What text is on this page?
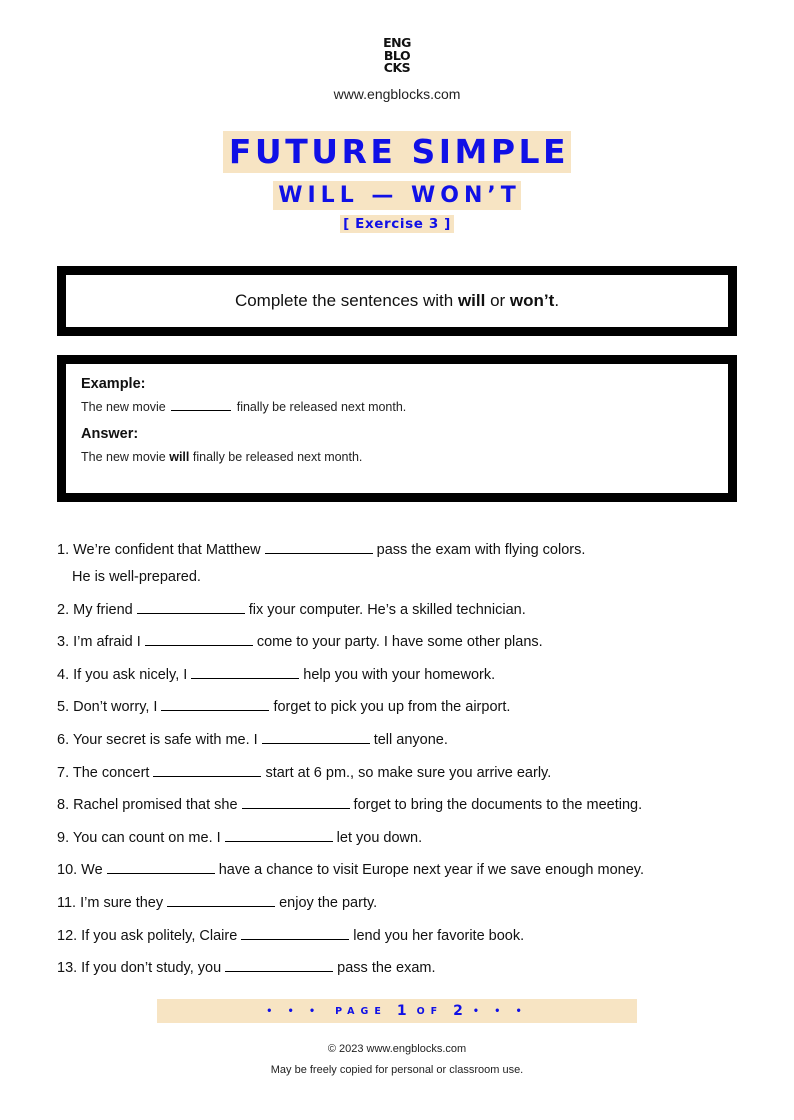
ENG
BLO
CKS
www.engblocks.com
FUTURE SIMPLE
WILL — WON’T
[ Exercise 3 ]
Complete the sentences with will or won’t.
Example:
The new movie	finally be released next month.
Answer:
The new movie will finally be released next month.
1. We’re confident that Matthew	pass the exam with flying colors.
He is well-prepared.
2. My friend	fix your computer. He’s a skilled technician.
3. I’m afraid I	come to your party. I have some other plans.
4. If you ask nicely, I	help you with your homework.
5. Don’t worry, I	forget to pick you up from the airport.
6. Your secret is safe with me. I	tell anyone.
7. The concert	start at 6 pm., so make sure you arrive early.
8. Rachel promised that she	forget to bring the documents to the meeting.
9. You can count on me. I	let you down.
10. We	have a chance to visit Europe next year if we save enough money.
11. I’m sure they	enjoy the party.
12. If you ask politely, Claire	lend you her favorite book.
13. If you don’t study, you	pass the exam.
• • • PAGE 1 OF 2 • • •
© 2023 www.engblocks.com
May be freely copied for personal or classroom use.
